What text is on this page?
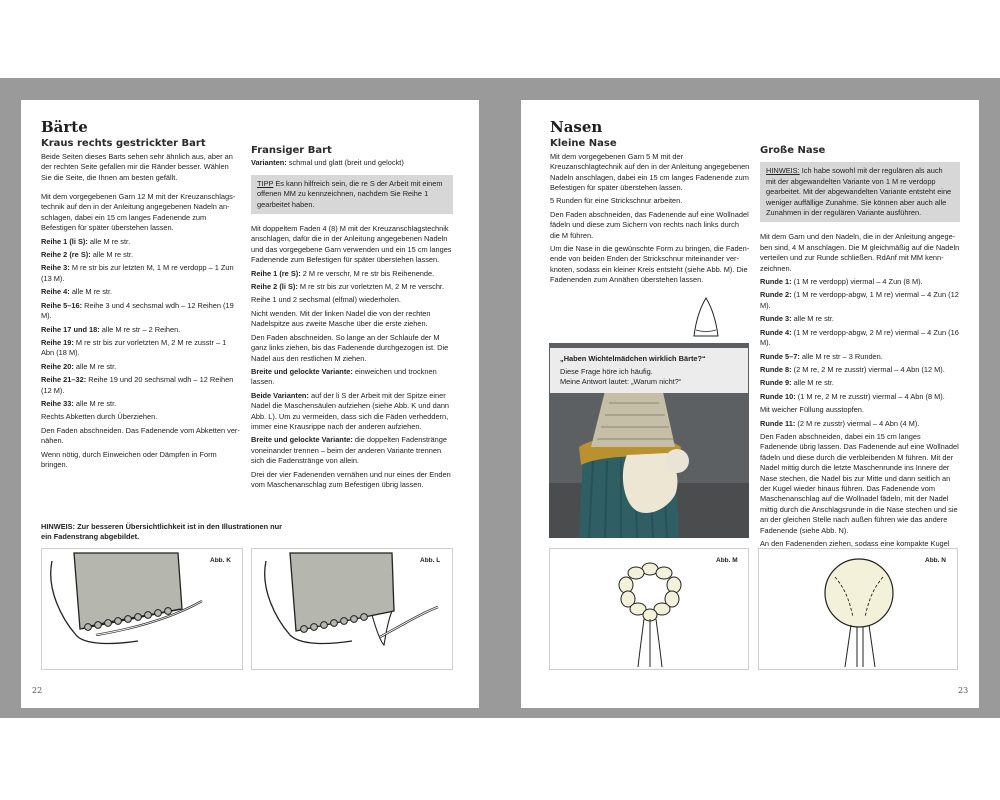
Bärte
Kraus rechts gestrickter Bart

Beide Seiten dieses Barts sehen sehr ähnlich aus, aber an der rechten Seite gefallen mir die Ränder besser. Wählen Sie die Seite, die Ihnen am besten gefällt.

Mit dem vorgegebenen Garn 12 M mit der Kreuzanschlagstechnik auf den in der Anleitung angegebenen Nadeln anschlagen, dabei ein 15 cm langes Fadenende zum Befestigen für später überstehen lassen.

Reihe 1 (li S): alle M re str.

Reihe 2 (re S): alle M re str.

Reihe 3: M re str bis zur letzten M, 1 M re verdopp – 1 Zun (13 M).

Reihe 4: alle M re str.

Reihe 5–16: Reihe 3 und 4 sechsmal wdh – 12 Reihen (19 M).

Reihe 17 und 18: alle M re str – 2 Reihen.

Reihe 19: M re str bis zur vorletzten M, 2 M re zusstr – 1 Abn (18 M).

Reihe 20: alle M re str.

Reihe 21–32: Reihe 19 und 20 sechsmal wdh – 12 Reihen (12 M).

Reihe 33: alle M re str.

Rechts Abketten durch Überziehen.

Den Faden abschneiden. Das Fadenende vom Abketten vernähen.

Wenn nötig, durch Einweichen oder Dämpfen in Form bringen.

Fransiger Bart

Varianten: schmal und glatt (breit und gelockt)

TIPP Es kann hilfreich sein, die re S der Arbeit mit einem offenen MM zu kennzeichnen, nachdem Sie Reihe 1 gearbeitet haben.

Mit doppeltem Faden 4 (8) M mit der Kreuzanschlagstechnik anschlagen, dafür die in der Anleitung angegebenen Nadeln und das vorgegebene Garn verwenden und ein 15 cm langes Fadenende zum Befestigen für später überstehen lassen.

Reihe 1 (re S): 2 M re verschr, M re str bis Reihenende.

Reihe 2 (li S): M re str bis zur vorletzten M, 2 M re verschr.

Reihe 1 und 2 sechsmal (elfmal) wiederholen.

Nicht wenden. Mit der linken Nadel die von der rechten Nadelspitze aus zweite Masche über die erste ziehen.

Den Faden abschneiden. So lange an der Schlaufe der M ganz links ziehen, bis das Fadenende durchgezogen ist. Die Nadel aus den restlichen M ziehen.

Breite und gelockte Variante: einweichen und trocknen lassen.

Beide Varianten: auf der li S der Arbeit mit der Spitze einer Nadel die Maschensäulen aufziehen (siehe Abb. K und dann Abb. L). Um zu vermeiden, dass sich die Fäden verheddern, immer eine Krausrippe nach der anderen aufziehen.

Breite und gelockte Variante: die doppelten Fadenstränge voneinander trennen – beim der anderen Variante trennen sich die Fadenstränge von allein.

Drei der vier Fadenenden vernähen und nur eines der Enden vom Maschenanschlag zum Befestigen übrig lassen.

HINWEIS: Zur besseren Übersichtlichkeit ist in den Illustrationen nur ein Fadenstrang abgebildet.
Abb. K	Abb. L
22
Nasen
Kleine Nase

Mit dem vorgegebenen Garn 5 M mit der Kreuzanschlagtechnik auf den in der Anleitung angegebenen Nadeln anschlagen, dabei ein 15 cm langes Fadenende zum Befestigen für später überstehen lassen.

5 Runden für eine Strickschnur arbeiten.

Den Faden abschneiden, das Fadenende auf eine Wollnadel fädeln und diese zum Sichern von rechts nach links durch die M führen.

Um die Nase in die gewünschte Form zu bringen, die Fadenende von beiden Enden der Strickschnur miteinander verknoten, sodass ein kleiner Kreis entsteht (siehe Abb. M). Die Fadenenden zum Annähen überstehen lassen.

„Haben Wichtelmädchen wirklich Bärte?“
Diese Frage höre ich häufig.
Meine Antwort lautet: „Warum nicht?“
Große Nase
HINWEIS: Ich habe sowohl mit der regulären als auch mit der abgewandelten Variante von 1 M re verdopp gearbeitet. Mit der abgewandelten Variante entsteht eine weniger auffällige Zunahme. Sie können aber auch alle Zunahmen in der regulären Variante ausführen.

Mit dem Garn und den Nadeln, die in der Anleitung angegeben sind, 4 M anschlagen. Die M gleichmäßig auf die Nadeln verteilen und zur Runde schließen. RdAnf mit MM kennzeichnen.

Runde 1: (1 M re verdopp) viermal – 4 Zun (8 M).

Runde 2: (1 M re verdopp-abgw, 1 M re) viermal – 4 Zun (12 M).

Runde 3: alle M re str.

Runde 4: (1 M re verdopp-abgw, 2 M re) viermal – 4 Zun (16 M).

Runde 5–7: alle M re str – 3 Runden.

Runde 8: (2 M re, 2 M re zusstr) viermal – 4 Abn (12 M).

Runde 9: alle M re str.

Runde 10: (1 M re, 2 M re zusstr) viermal – 4 Abn (8 M).

Mit weicher Füllung ausstopfen.

Runde 11: (2 M re zusstr) viermal – 4 Abn (4 M).

Den Faden abschneiden, dabei ein 15 cm langes Fadenende übrig lassen. Das Fadenende auf eine Wollnadel fädeln und diese durch die verbleibenden M führen. Mit der Nadel mittig durch die letzte Maschenrunde ins Innere der Nase stechen, die Nadel bis zur Mitte und dann seitlich an der Kugel wieder hinaus führen. Das Fadenende vom Maschenanschlag auf die Wollnadel fädeln, mit der Nadel mittig durch die Anschlagsrunde in die Nase stechen und sie an der gleichen Stelle nach außen führen wie das andere Fadenende (siehe Abb. N).

An den Fadenenden ziehen, sodass eine kompakte Kugel

Abb. M	Abb. N
23
